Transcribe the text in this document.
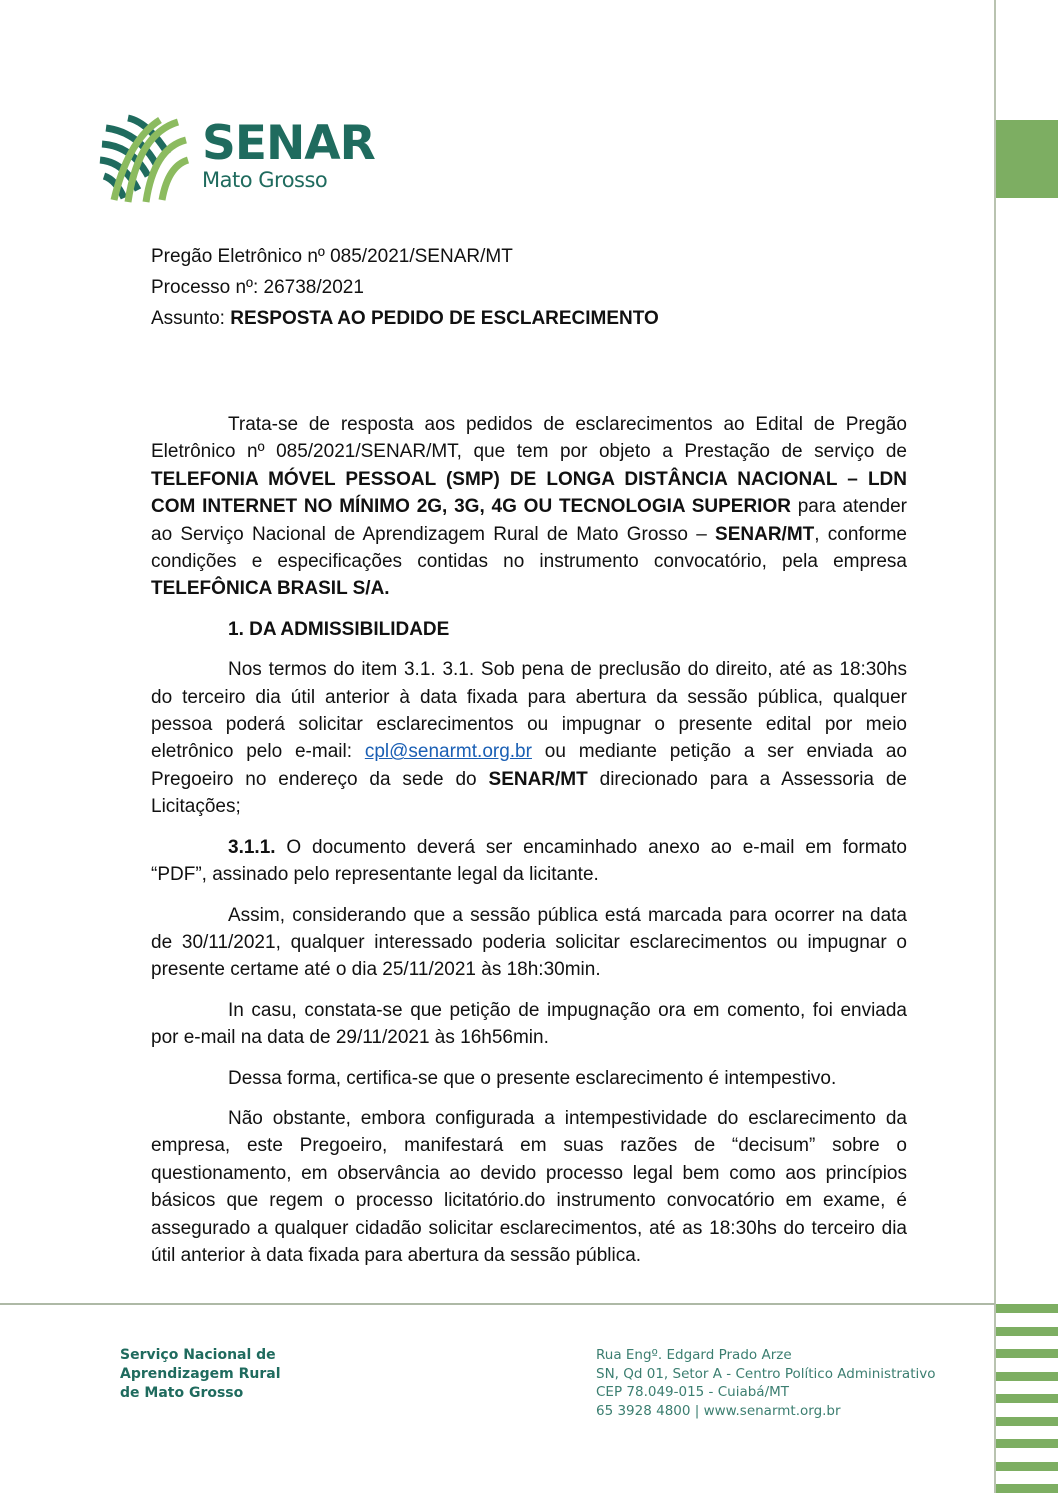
SENAR
Mato Grosso
Pregão Eletrônico nº 085/2021/SENAR/MT
Processo nº: 26738/2021
Assunto: RESPOSTA AO PEDIDO DE ESCLARECIMENTO

Trata-se de resposta aos pedidos de esclarecimentos ao Edital de Pregão Eletrônico nº 085/2021/SENAR/MT, que tem por objeto a Prestação de serviço de TELEFONIA MÓVEL PESSOAL (SMP) DE LONGA DISTÂNCIA NACIONAL – LDN COM INTERNET NO MÍNIMO 2G, 3G, 4G OU TECNOLOGIA SUPERIOR para atender ao Serviço Nacional de Aprendizagem Rural de Mato Grosso – SENAR/MT, conforme condições e especificações contidas no instrumento convocatório, pela empresa TELEFÔNICA BRASIL S/A.

1. DA ADMISSIBILIDADE

Nos termos do item 3.1. 3.1. Sob pena de preclusão do direito, até as 18:30hs do terceiro dia útil anterior à data fixada para abertura da sessão pública, qualquer pessoa poderá solicitar esclarecimentos ou impugnar o presente edital por meio eletrônico pelo e-mail: cpl@senarmt.org.br ou mediante petição a ser enviada ao Pregoeiro no endereço da sede do SENAR/MT direcionado para a Assessoria de Licitações;

3.1.1. O documento deverá ser encaminhado anexo ao e-mail em formato “PDF”, assinado pelo representante legal da licitante.

Assim, considerando que a sessão pública está marcada para ocorrer na data de 30/11/2021, qualquer interessado poderia solicitar esclarecimentos ou impugnar o presente certame até o dia 25/11/2021 às 18h:30min.

In casu, constata-se que petição de impugnação ora em comento, foi enviada por e-mail na data de 29/11/2021 às 16h56min.

Dessa forma, certifica-se que o presente esclarecimento é intempestivo.

Não obstante, embora configurada a intempestividade do esclarecimento da empresa, este Pregoeiro, manifestará em suas razões de “decisum” sobre o questionamento, em observância ao devido processo legal bem como aos princípios básicos que regem o processo licitatório.do instrumento convocatório em exame, é assegurado a qualquer cidadão solicitar esclarecimentos, até as 18:30hs do terceiro dia útil anterior à data fixada para abertura da sessão pública.

Serviço Nacional de
Aprendizagem Rural
de Mato Grosso
Rua Engº. Edgard Prado Arze
SN, Qd 01, Setor A - Centro Político Administrativo
CEP 78.049-015 - Cuiabá/MT
65 3928 4800 | www.senarmt.org.br
